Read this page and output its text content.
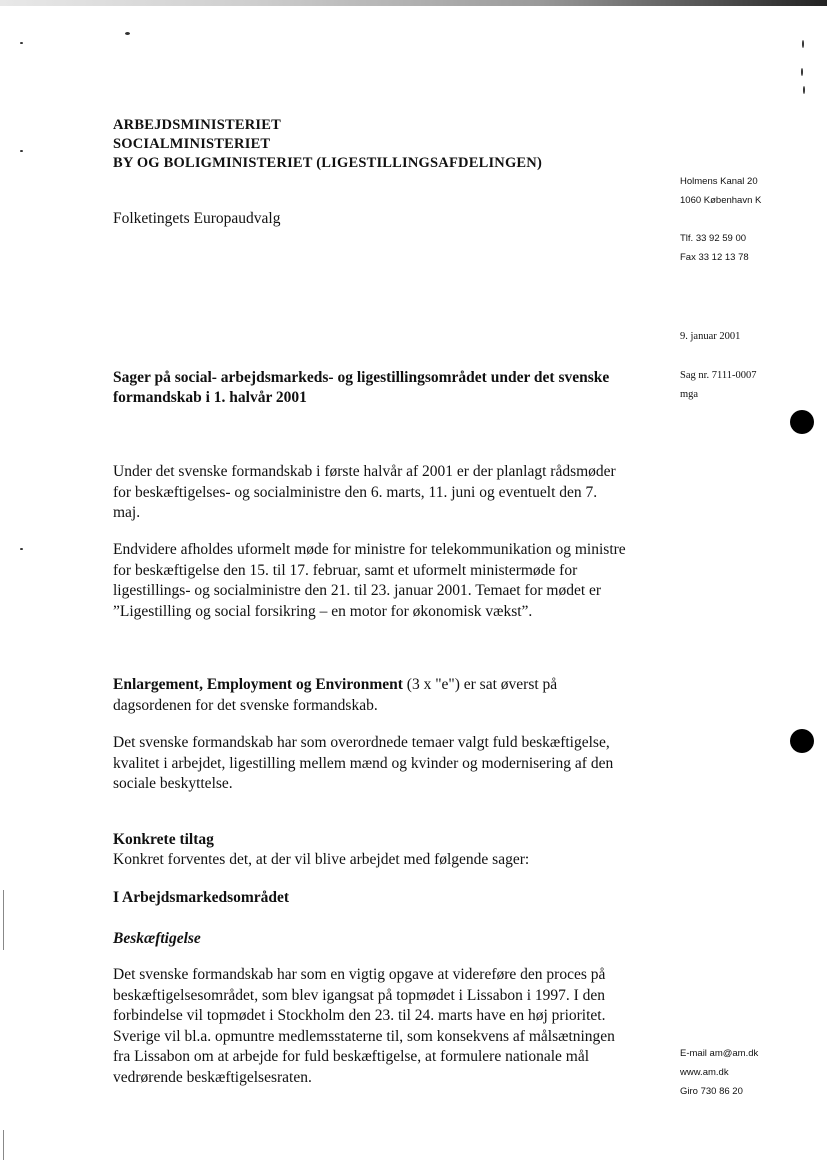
ARBEJDSMINISTERIET
SOCIALMINISTERIET
BY OG BOLIGMINISTERIET (LIGESTILLINGSAFDELINGEN)
Folketingets Europaudvalg
Holmens Kanal 20
1060 København K
Tlf. 33 92 59 00
Fax 33 12 13 78
9. januar 2001
Sag nr. 7111-0007
mga
E-mail am@am.dk
www.am.dk
Giro 730 86 20
Sager på social- arbejdsmarkeds- og ligestillingsområdet under det svenske formandskab i 1. halvår 2001

Under det svenske formandskab i første halvår af 2001 er der planlagt rådsmøder for beskæftigelses- og socialministre den 6. marts, 11. juni og eventuelt den 7. maj.

Endvidere afholdes uformelt møde for ministre for telekommunikation og ministre for beskæftigelse den 15. til 17. februar, samt et uformelt ministermøde for ligestillings- og socialministre den 21. til 23. januar 2001. Temaet for mødet er ”Ligestilling og social forsikring – en motor for økonomisk vækst”.

Enlargement, Employment og Environment (3 x "e") er sat øverst på dagsordenen for det svenske formandskab.

Det svenske formandskab har som overordnede temaer valgt fuld beskæftigelse, kvalitet i arbejdet, ligestilling mellem mænd og kvinder og modernisering af den sociale beskyttelse.

Konkrete tiltag
Konkret forventes det, at der vil blive arbejdet med følgende sager:
I Arbejdsmarkedsområdet
Beskæftigelse

Det svenske formandskab har som en vigtig opgave at videreføre den proces på beskæftigelsesområdet, som blev igangsat på topmødet i Lissabon i 1997. I den forbindelse vil topmødet i Stockholm den 23. til 24. marts have en høj prioritet. Sverige vil bl.a. opmuntre medlemsstaterne til, som konsekvens af målsætningen fra Lissabon om at arbejde for fuld beskæftigelse, at formulere nationale mål vedrørende beskæftigelsesraten.
